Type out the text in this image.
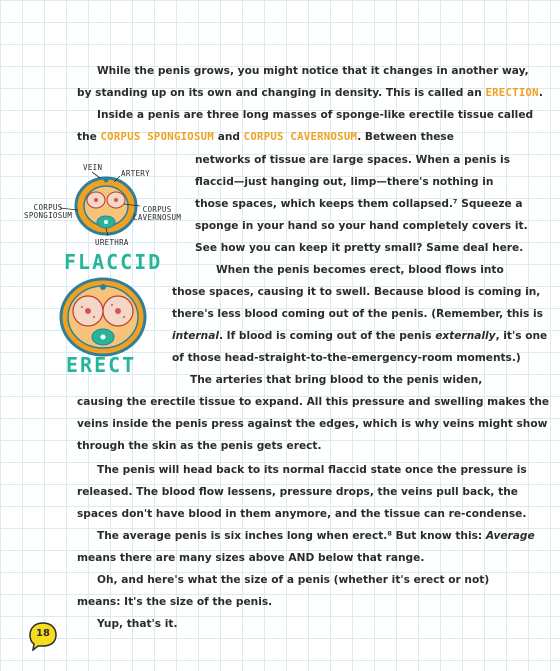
While the penis grows, you might notice that it changes in another way,

by standing up on its own and changing in density. This is called an ERECTION.

Inside a penis are three long masses of sponge-like erectile tissue called

the CORPUS SPONGIOSUM and CORPUS CAVERNOSUM. Between these

networks of tissue are large spaces. When a penis is

flaccid—just hanging out, limp—there's nothing in

those spaces, which keeps them collapsed.⁷ Squeeze a

sponge in your hand so your hand completely covers it.

See how you can keep it pretty small? Same deal here.

When the penis becomes erect, blood flows into

those spaces, causing it to swell. Because blood is coming in,

there's less blood coming out of the penis. (Remember, this is

internal. If blood is coming out of the penis externally, it's one

of those head-straight-to-the-emergency-room moments.)

The arteries that bring blood to the penis widen,

causing the erectile tissue to expand. All this pressure and swelling makes the

veins inside the penis press against the edges, which is why veins might show

through the skin as the penis gets erect.

The penis will head back to its normal flaccid state once the pressure is

released. The blood flow lessens, pressure drops, the veins pull back, the

spaces don't have blood in them anymore, and the tissue can re-condense.

The average penis is six inches long when erect.⁸ But know this: Average

means there are many sizes above AND below that range.

Oh, and here's what the size of a penis (whether it's erect or not)

means: It's the size of the penis.

Yup, that's it.

VEIN
ARTERY
CORPUS
SPONGIOSUM
CORPUS
CAVERNOSUM
URETHRA
FLACCID
ERECT
18
